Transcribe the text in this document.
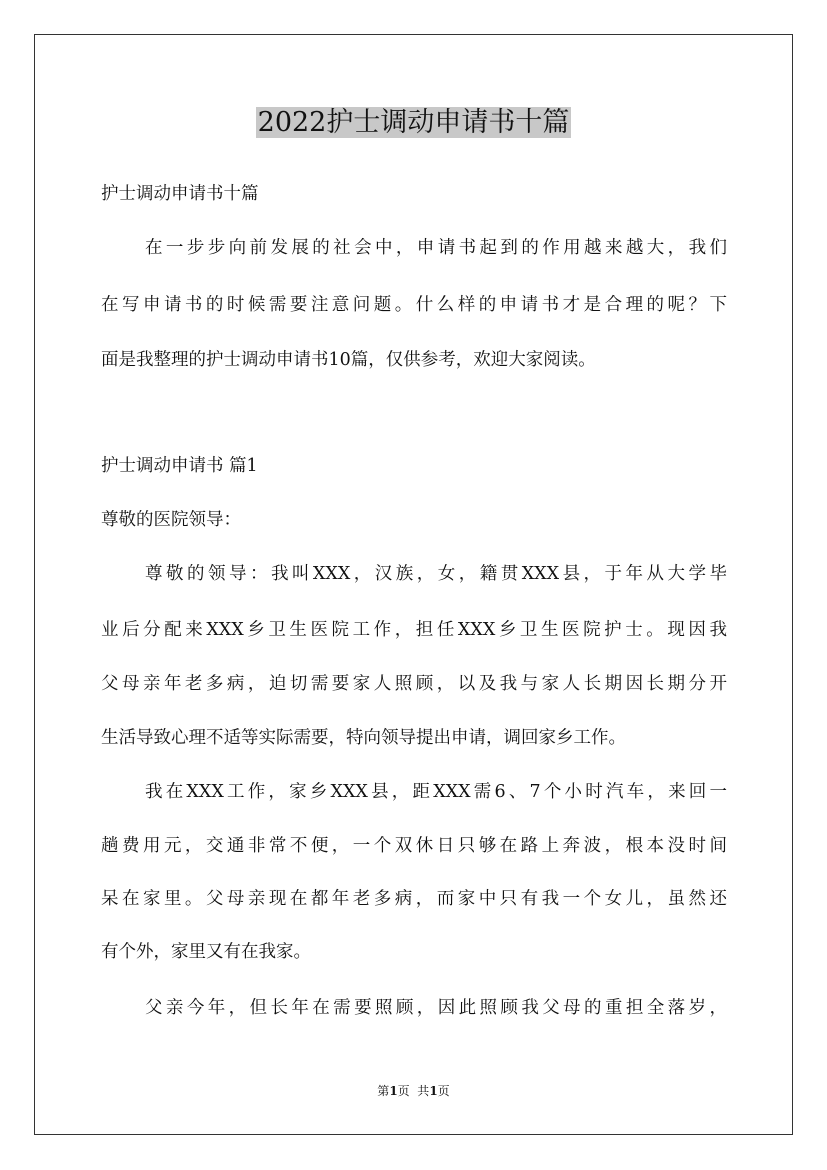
2022护士调动申请书十篇

护士调动申请书十篇

在一步步向前发展的社会中，申请书起到的作用越来越大，我们

在写申请书的时候需要注意问题。什么样的申请书才是合理的呢？下

面是我整理的护士调动申请书10篇，仅供参考，欢迎大家阅读。

护士调动申请书 篇1

尊敬的医院领导：

尊敬的领导：我叫XXX，汉族，女，籍贯XXX县，于年从大学毕

业后分配来XXX乡卫生医院工作，担任XXX乡卫生医院护士。现因我

父母亲年老多病，迫切需要家人照顾，以及我与家人长期因长期分开

生活导致心理不适等实际需要，特向领导提出申请，调回家乡工作。

我在XXX工作，家乡XXX县，距XXX需6、7个小时汽车，来回一

趟费用元，交通非常不便，一个双休日只够在路上奔波，根本没时间

呆在家里。父母亲现在都年老多病，而家中只有我一个女儿，虽然还

有个外，家里又有在我家。

父亲今年，但长年在需要照顾，因此照顾我父母的重担全落岁，

第1页  共1页
